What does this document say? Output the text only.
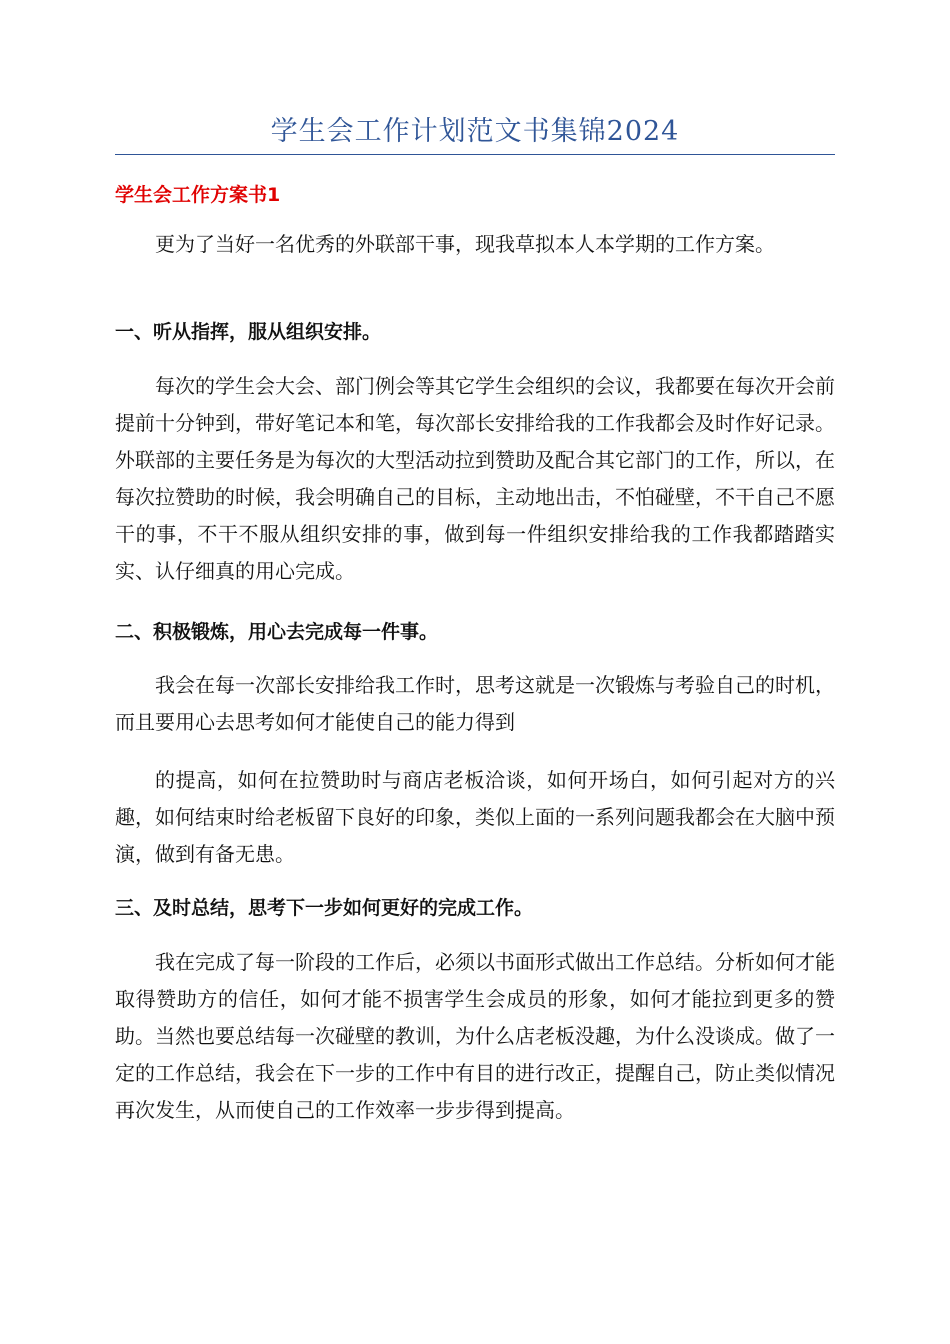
学生会工作计划范文书集锦2024
学生会工作方案书1

更为了当好一名优秀的外联部干事，现我草拟本人本学期的工作方案。

一、听从指挥，服从组织安排。

每次的学生会大会、部门例会等其它学生会组织的会议，我都要在每次开会前提前十分钟到，带好笔记本和笔，每次部长安排给我的工作我都会及时作好记录。外联部的主要任务是为每次的大型活动拉到赞助及配合其它部门的工作，所以，在每次拉赞助的时候，我会明确自己的目标，主动地出击，不怕碰壁，不干自己不愿干的事，不干不服从组织安排的事，做到每一件组织安排给我的工作我都踏踏实实、认仔细真的用心完成。

二、积极锻炼，用心去完成每一件事。

我会在每一次部长安排给我工作时，思考这就是一次锻炼与考验自己的时机，而且要用心去思考如何才能使自己的能力得到

的提高，如何在拉赞助时与商店老板洽谈，如何开场白，如何引起对方的兴趣，如何结束时给老板留下良好的印象，类似上面的一系列问题我都会在大脑中预演，做到有备无患。

三、及时总结，思考下一步如何更好的完成工作。

我在完成了每一阶段的工作后，必须以书面形式做出工作总结。分析如何才能取得赞助方的信任，如何才能不损害学生会成员的形象，如何才能拉到更多的赞助。当然也要总结每一次碰壁的教训，为什么店老板没趣，为什么没谈成。做了一定的工作总结，我会在下一步的工作中有目的进行改正，提醒自己，防止类似情况再次发生，从而使自己的工作效率一步步得到提高。
